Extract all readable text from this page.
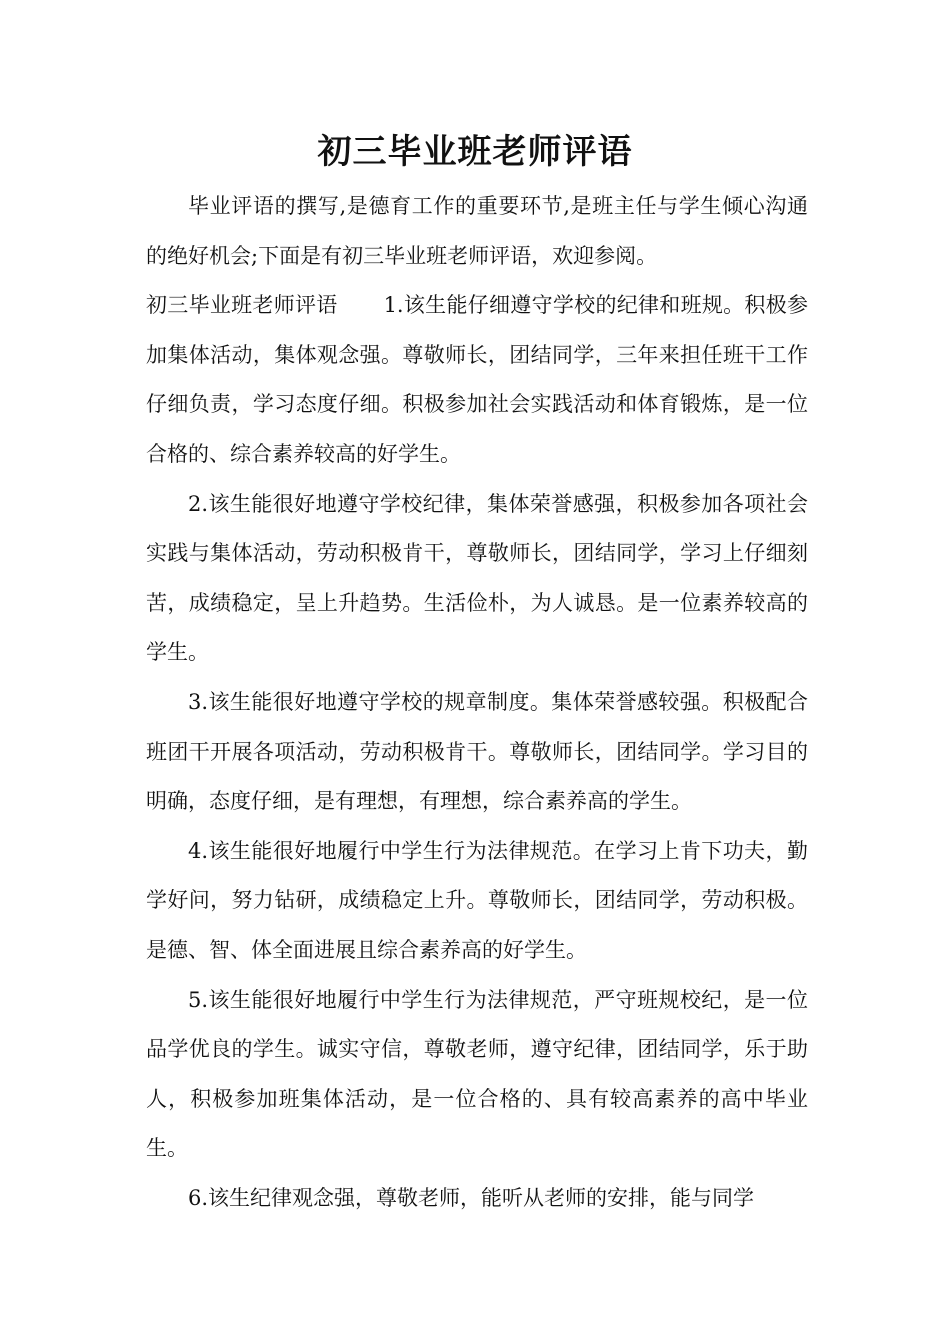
初三毕业班老师评语

毕业评语的撰写,是德育工作的重要环节,是班主任与学生倾心沟通的绝好机会;下面是有初三毕业班老师评语，欢迎参阅。

初三毕业班老师评语 1.该生能仔细遵守学校的纪律和班规。积极参加集体活动，集体观念强。尊敬师长，团结同学，三年来担任班干工作仔细负责，学习态度仔细。积极参加社会实践活动和体育锻炼，是一位合格的、综合素养较高的好学生。

2.该生能很好地遵守学校纪律，集体荣誉感强，积极参加各项社会实践与集体活动，劳动积极肯干，尊敬师长，团结同学，学习上仔细刻苦，成绩稳定，呈上升趋势。生活俭朴，为人诚恳。是一位素养较高的学生。

3.该生能很好地遵守学校的规章制度。集体荣誉感较强。积极配合班团干开展各项活动，劳动积极肯干。尊敬师长，团结同学。学习目的明确，态度仔细，是有理想，有理想，综合素养高的学生。

4.该生能很好地履行中学生行为法律规范。在学习上肯下功夫，勤学好问，努力钻研，成绩稳定上升。尊敬师长，团结同学，劳动积极。是德、智、体全面进展且综合素养高的好学生。

5.该生能很好地履行中学生行为法律规范，严守班规校纪，是一位品学优良的学生。诚实守信，尊敬老师，遵守纪律，团结同学，乐于助人，积极参加班集体活动，是一位合格的、具有较高素养的高中毕业生。

6.该生纪律观念强，尊敬老师，能听从老师的安排，能与同学
